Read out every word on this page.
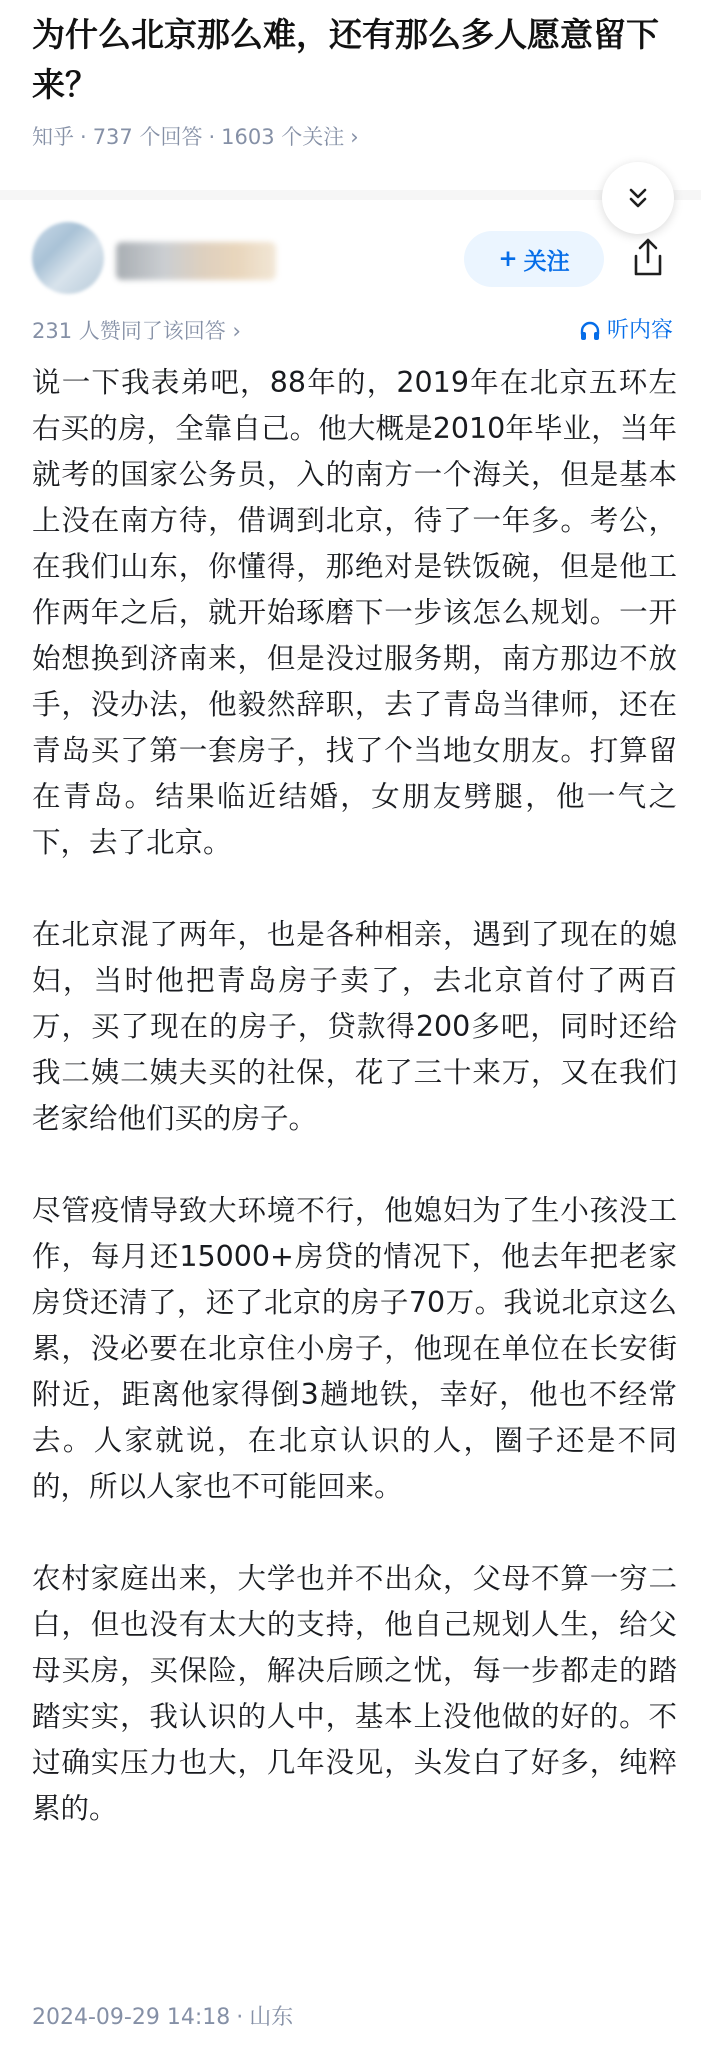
为什么北京那么难，还有那么多人愿意留下来？
知乎 · 737 个回答 · 1603 个关注 ›
+ 关注
231 人赞同了该回答 ›	听内容

说一下我表弟吧，88年的，2019年在北京五环左右买的房，全靠自己。他大概是2010年毕业，当年就考的国家公务员，入的南方一个海关，但是基本上没在南方待，借调到北京，待了一年多。考公，在我们山东，你懂得，那绝对是铁饭碗，但是他工作两年之后，就开始琢磨下一步该怎么规划。一开始想换到济南来，但是没过服务期，南方那边不放手，没办法，他毅然辞职，去了青岛当律师，还在青岛买了第一套房子，找了个当地女朋友。打算留在青岛。结果临近结婚，女朋友劈腿，他一气之下，去了北京。

在北京混了两年，也是各种相亲，遇到了现在的媳妇，当时他把青岛房子卖了，去北京首付了两百万，买了现在的房子，贷款得200多吧，同时还给我二姨二姨夫买的社保，花了三十来万，又在我们老家给他们买的房子。

尽管疫情导致大环境不行，他媳妇为了生小孩没工作，每月还15000+房贷的情况下，他去年把老家房贷还清了，还了北京的房子70万。我说北京这么累，没必要在北京住小房子，他现在单位在长安街附近，距离他家得倒3趟地铁，幸好，他也不经常去。人家就说，在北京认识的人，圈子还是不同的，所以人家也不可能回来。

农村家庭出来，大学也并不出众，父母不算一穷二白，但也没有太大的支持，他自己规划人生，给父母买房，买保险，解决后顾之忧，每一步都走的踏踏实实，我认识的人中，基本上没他做的好的。不过确实压力也大，几年没见，头发白了好多，纯粹累的。

2024-09-29 14:18 · 山东
